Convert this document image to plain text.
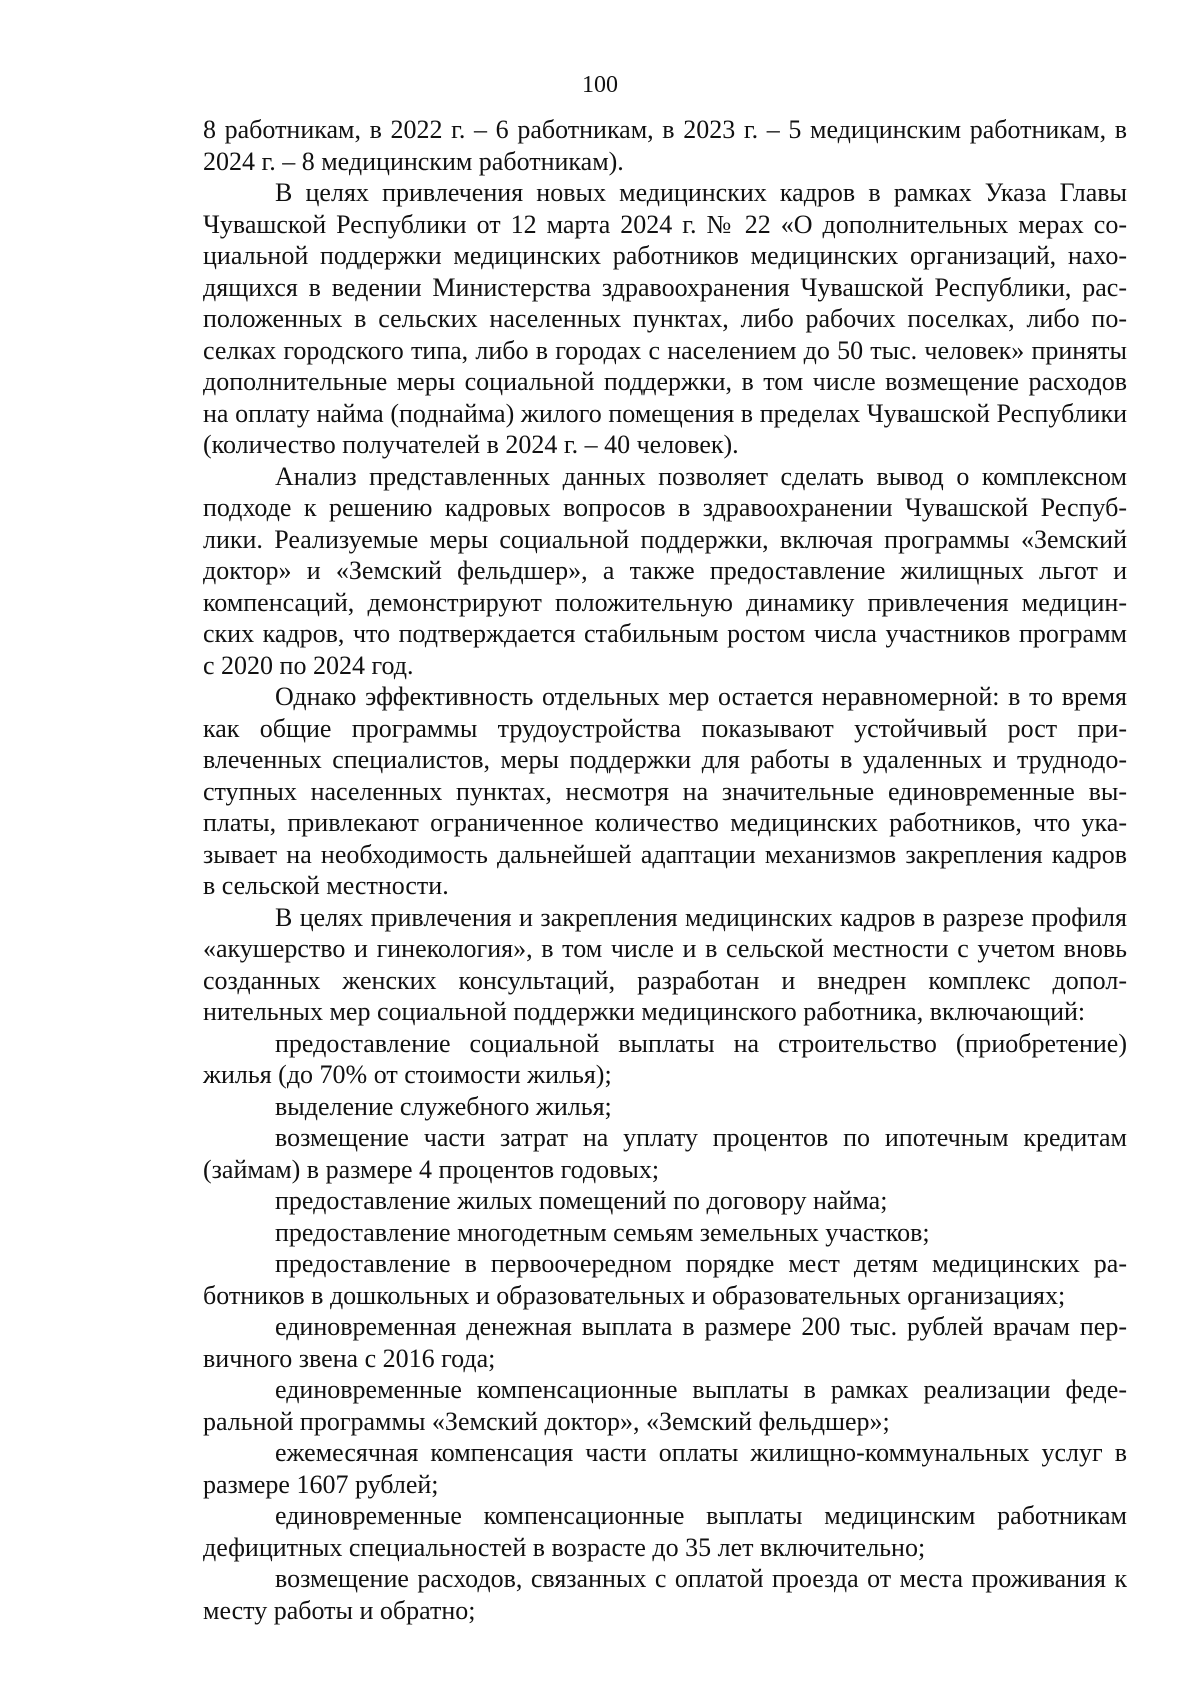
100

8 работникам, в 2022 г. – 6 работникам, в 2023 г. – 5 медицинским работникам, в 2024 г. – 8 медицинским работникам).

В целях привлечения новых медицинских кадров в рамках Указа Главы Чувашской Республики от 12 марта 2024 г. № 22 «О дополнительных мерах социальной поддержки медицинских работников медицинских организаций, находящихся в ведении Министерства здравоохранения Чувашской Республики, расположенных в сельских населенных пунктах, либо рабочих поселках, либо поселках городского типа, либо в городах с населением до 50 тыс. человек» приняты дополнительные меры социальной поддержки, в том числе возмещение расходов на оплату найма (поднайма) жилого помещения в пределах Чувашской Республики (количество получателей в 2024 г. – 40 человек).

Анализ представленных данных позволяет сделать вывод о комплексном подходе к решению кадровых вопросов в здравоохранении Чувашской Республики. Реализуемые меры социальной поддержки, включая программы «Земский доктор» и «Земский фельдшер», а также предоставление жилищных льгот и компенсаций, демонстрируют положительную динамику привлечения медицинских кадров, что подтверждается стабильным ростом числа участников программ с 2020 по 2024 год.

Однако эффективность отдельных мер остается неравномерной: в то время как общие программы трудоустройства показывают устойчивый рост привлеченных специалистов, меры поддержки для работы в удаленных и труднодоступных населенных пунктах, несмотря на значительные единовременные выплаты, привлекают ограниченное количество медицинских работников, что указывает на необходимость дальнейшей адаптации механизмов закрепления кадров в сельской местности.

В целях привлечения и закрепления медицинских кадров в разрезе профиля «акушерство и гинекология», в том числе и в сельской местности с учетом вновь созданных женских консультаций, разработан и внедрен комплекс дополнительных мер социальной поддержки медицинского работника, включающий:

предоставление социальной выплаты на строительство (приобретение) жилья (до 70% от стоимости жилья);
выделение служебного жилья;
возмещение части затрат на уплату процентов по ипотечным кредитам (займам) в размере 4 процентов годовых;
предоставление жилых помещений по договору найма;
предоставление многодетным семьям земельных участков;
предоставление в первоочередном порядке мест детям медицинских работников в дошкольных и образовательных и образовательных организациях;
единовременная денежная выплата в размере 200 тыс. рублей врачам первичного звена с 2016 года;
единовременные компенсационные выплаты в рамках реализации федеральной программы «Земский доктор», «Земский фельдшер»;
ежемесячная компенсация части оплаты жилищно-коммунальных услуг в размере 1607 рублей;
единовременные компенсационные выплаты медицинским работникам дефицитных специальностей в возрасте до 35 лет включительно;
возмещение расходов, связанных с оплатой проезда от места проживания к месту работы и обратно;
